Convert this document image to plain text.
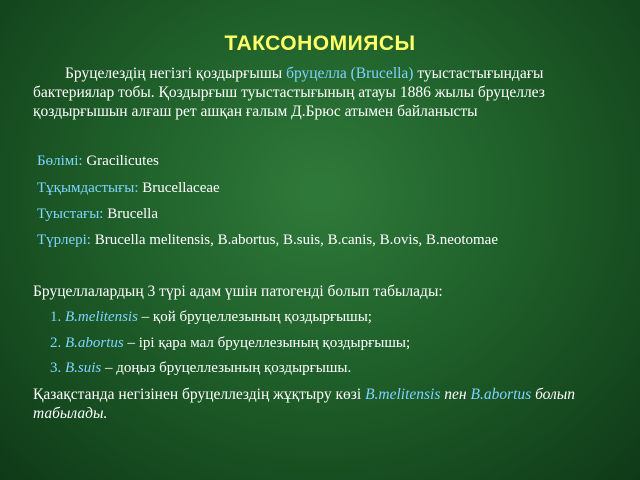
ТАКСОНОМИЯСЫ
Бруцелездің негізгі қоздырғышы бруцелла (Brucella) туыстастығындағы бактериялар тобы. Қоздырғыш туыстастығының атауы 1886 жылы бруцеллез қоздырғышын алғаш рет ашқан ғалым Д.Брюс атымен байланысты
Бөлімі: Gracilicutes
Тұқымдастығы: Brucellaceae
Туыстағы: Brucella
Түрлері: Brucella melitensis, B.abortus, B.suis, B.canis, B.ovis, B.neotomae
Бруцеллалардың 3 түрі адам үшін патогенді болып табылады:
1. B.melitensis – қой бруцеллезының қоздырғышы;
2. B.abortus – ірі қара мал бруцеллезының қоздырғышы;
3. B.suis – доңыз бруцеллезының қоздырғышы.
Қазақстанда негізінен бруцеллездің жұқтыру көзі B.melitensis пен B.abortus болып табылады.
